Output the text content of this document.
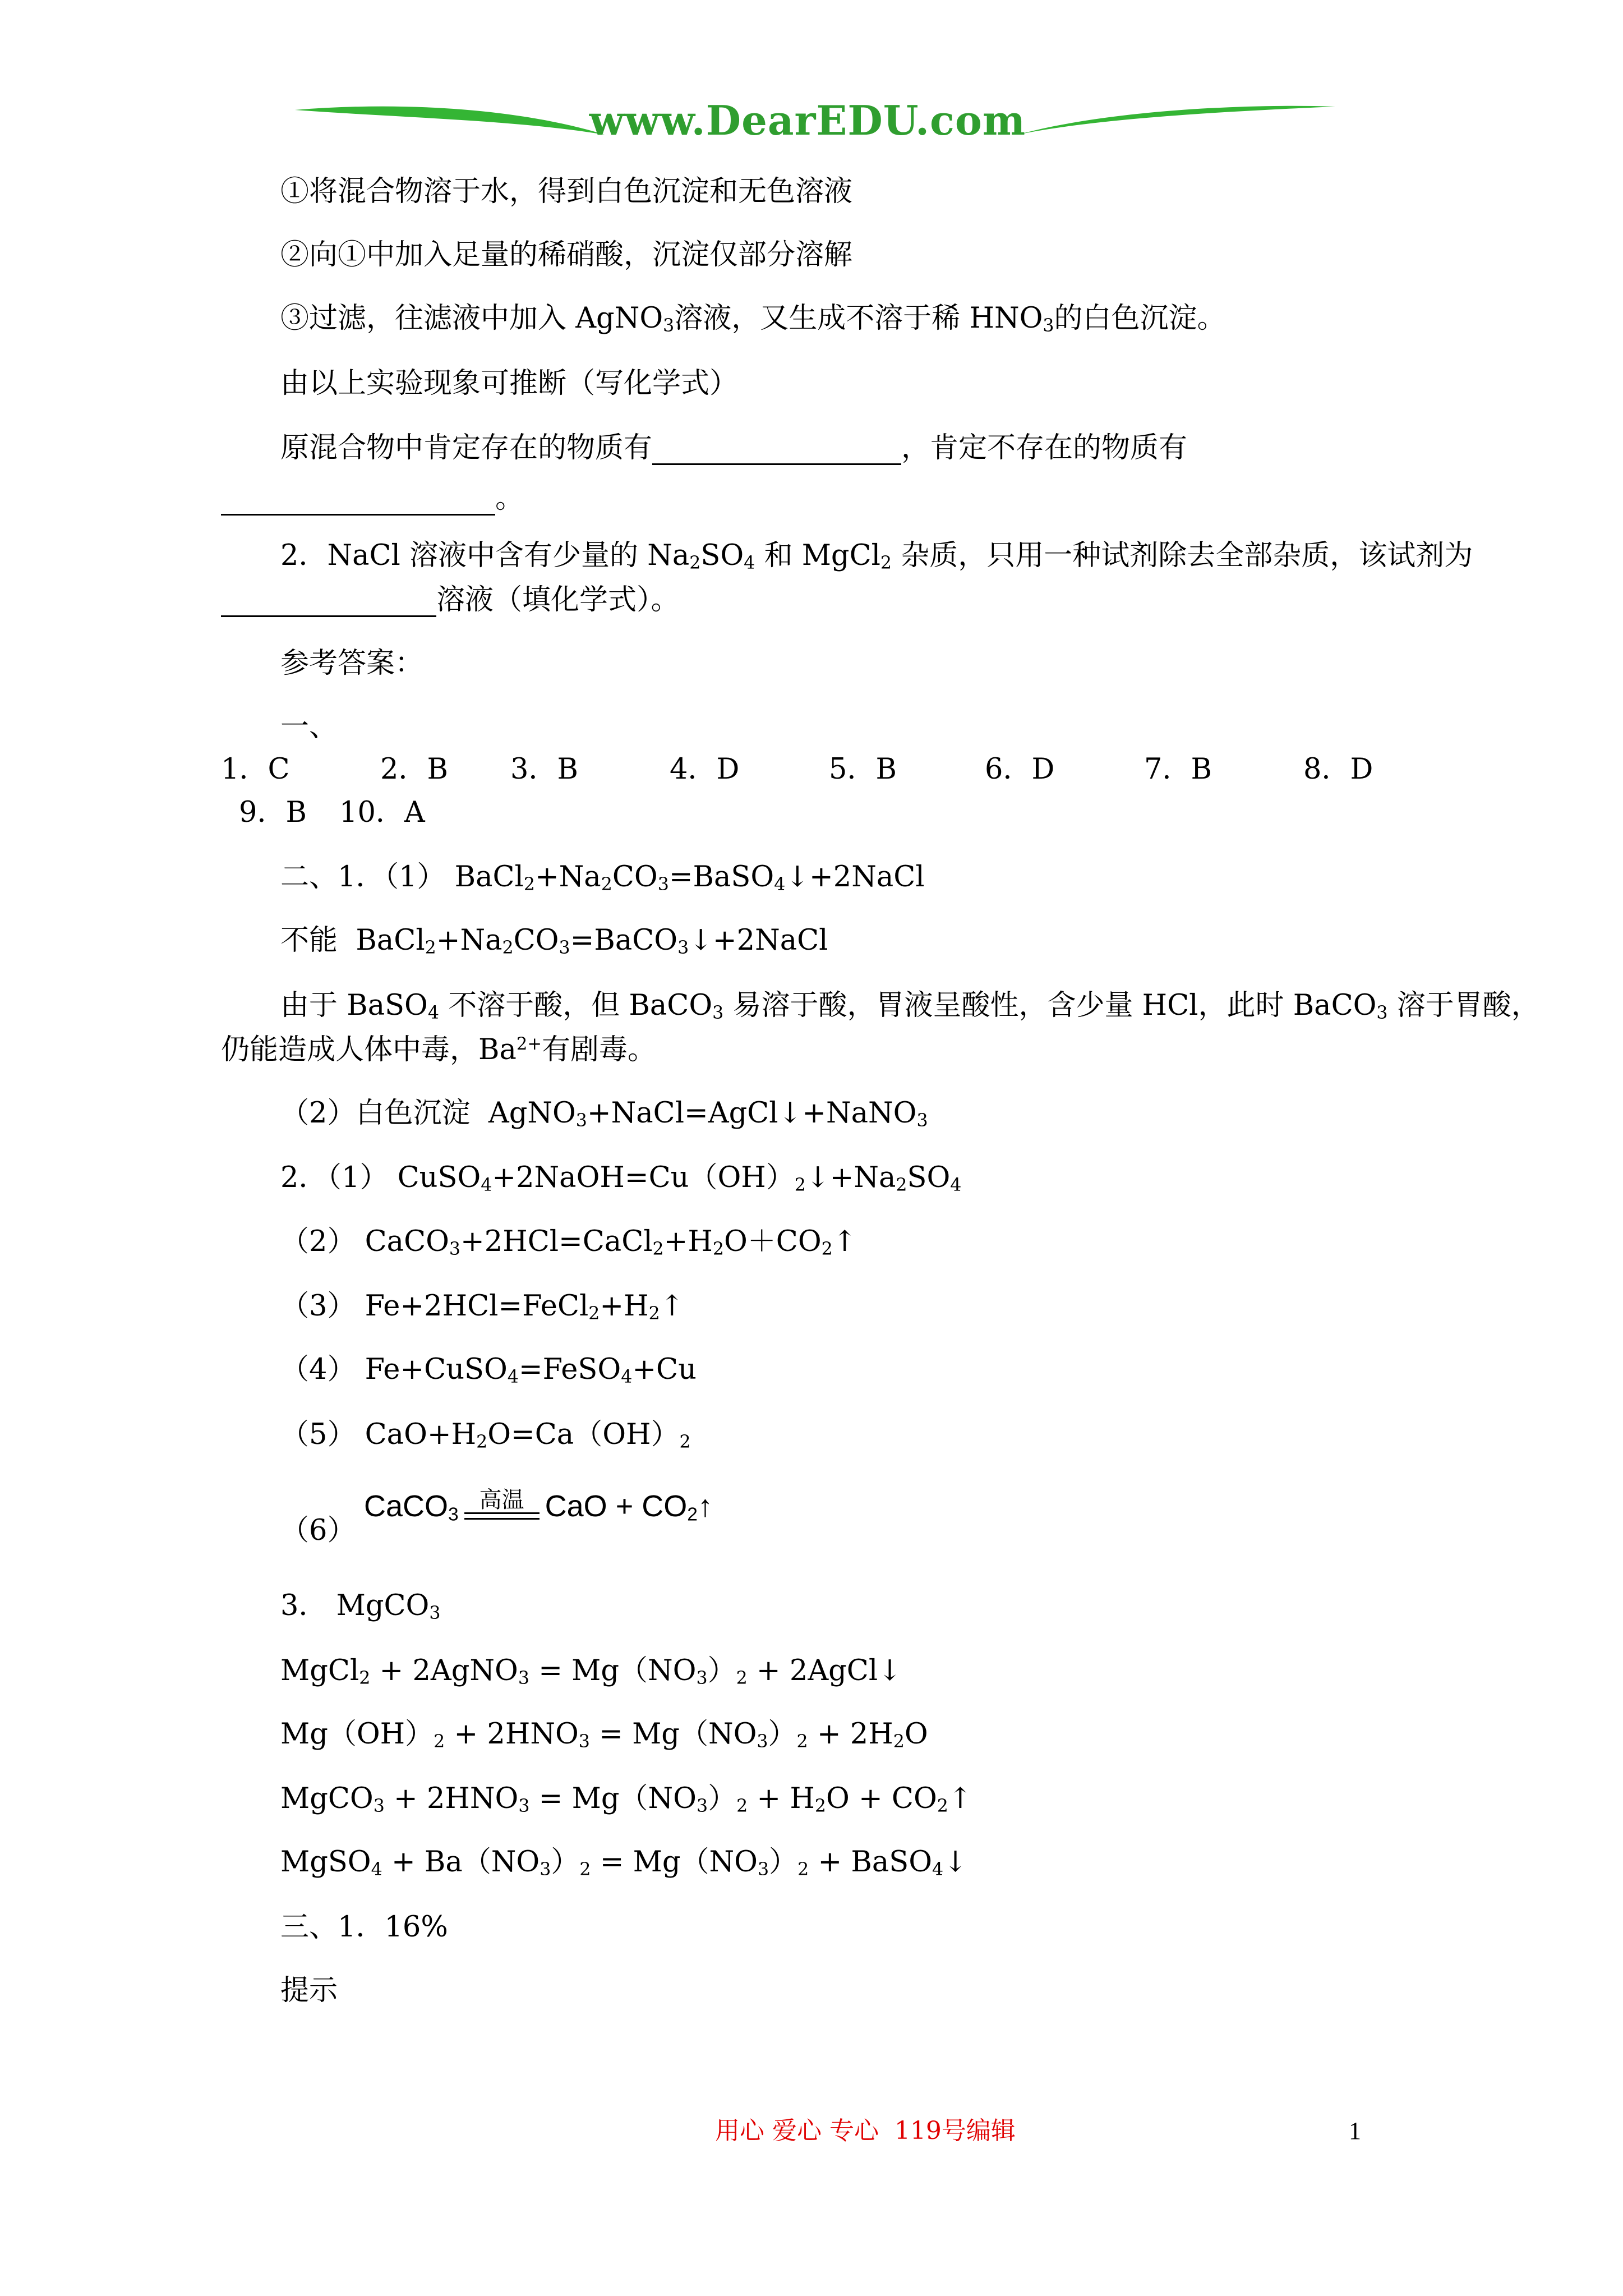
www.DearEDU.com

①将混合物溶于水，得到白色沉淀和无色溶液

②向①中加入足量的稀硝酸，沉淀仅部分溶解

③过滤，往滤液中加入 AgNO$_3$溶液，又生成不溶于稀 $HNO_3$的白色沉淀。

由以上实验现象可推断（写化学式）

原混合物中肯定存在的物质有	，肯定不存在的物质有

。

2．NaCl 溶液中含有少量的 $Na_2SO_4$ 和 MgCl$_2$ 杂质，只用一种试剂除去全部杂质，该试剂为

溶液（填化学式）。

参考答案：

一、

1．C

	2．B

3．B

	4．D

	5．B

	6．D

	7．B

	8．D

9．B

10．A

二、1．（1） $BaCl_2+Na_2CO_3=BaSO_4↓+2NaCl$

不能  $BaCl_2+Na_2CO_3=BaCO_3↓+2NaCl$

由于 BaSO$_4$ 不溶于酸，但 BaCO$_3$ 易溶于酸，胃液呈酸性，含少量 HCl，此时 BaCO$_3$ 溶于胃酸，

仍能造成人体中毒，$Ba^{2+}$有剧毒。

（2）白色沉淀  AgNO$_3$+NaCl=AgCl↓+NaNO$_3$

2．（1） $CuSO_4+2NaOH=Cu(OH)_2↓+Na_2SO_4$

（2） $CaCO_3+2HCl=CaCl_2+H_2O+CO_2↑$

（3） $Fe+2HCl=FeCl_2+H_2↑$

（4） Fe+CuSO$_4$=FeSO$_4$+Cu

（5） $CaO+H_2O=Ca(OH)_2$

（6）

CaCO$_3$
高温 CaO + $CO_2↑$

3． MgCO$_3$

MgCl$_2$ + 2AgNO$_3$ = $Mg(NO_3)_2$ + 2AgCl↓

$Mg(OH)_2 + 2HNO_3 = Mg(NO_3)_2 + 2H_2O$

MgCO$_3$ + $2HNO_3 = Mg(NO_3)_2 + H_2O$ + $CO_2↑$

MgSO$_4$ + $Ba(NO_3)_2 = Mg(NO_3)_2$ + BaSO$_4$↓

三、1．16%

提示

用心 爱心 专心  119号编辑	1
